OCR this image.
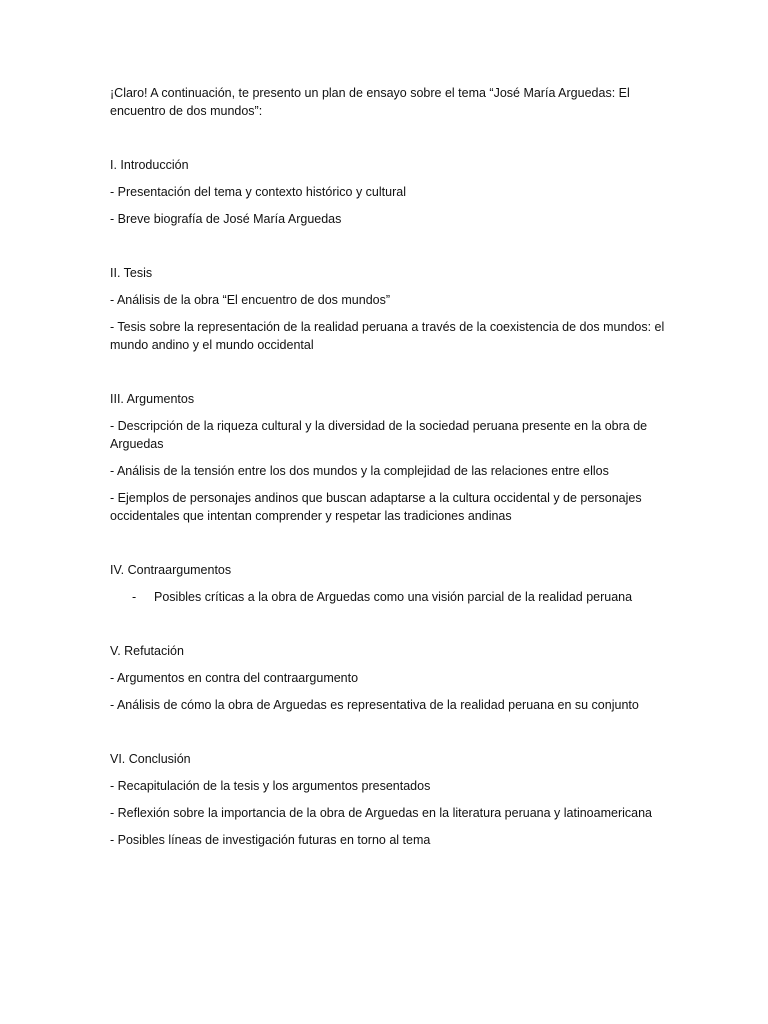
¡Claro! A continuación, te presento un plan de ensayo sobre el tema “José María Arguedas: El encuentro de dos mundos”:

I. Introducción

- Presentación del tema y contexto histórico y cultural

- Breve biografía de José María Arguedas

II. Tesis

- Análisis de la obra “El encuentro de dos mundos”

- Tesis sobre la representación de la realidad peruana a través de la coexistencia de dos mundos: el mundo andino y el mundo occidental

III. Argumentos

- Descripción de la riqueza cultural y la diversidad de la sociedad peruana presente en la obra de Arguedas

- Análisis de la tensión entre los dos mundos y la complejidad de las relaciones entre ellos

- Ejemplos de personajes andinos que buscan adaptarse a la cultura occidental y de personajes occidentales que intentan comprender y respetar las tradiciones andinas

IV. Contraargumentos

-	Posibles críticas a la obra de Arguedas como una visión parcial de la realidad peruana

V. Refutación

- Argumentos en contra del contraargumento

- Análisis de cómo la obra de Arguedas es representativa de la realidad peruana en su conjunto

VI. Conclusión

- Recapitulación de la tesis y los argumentos presentados

- Reflexión sobre la importancia de la obra de Arguedas en la literatura peruana y latinoamericana

- Posibles líneas de investigación futuras en torno al tema
